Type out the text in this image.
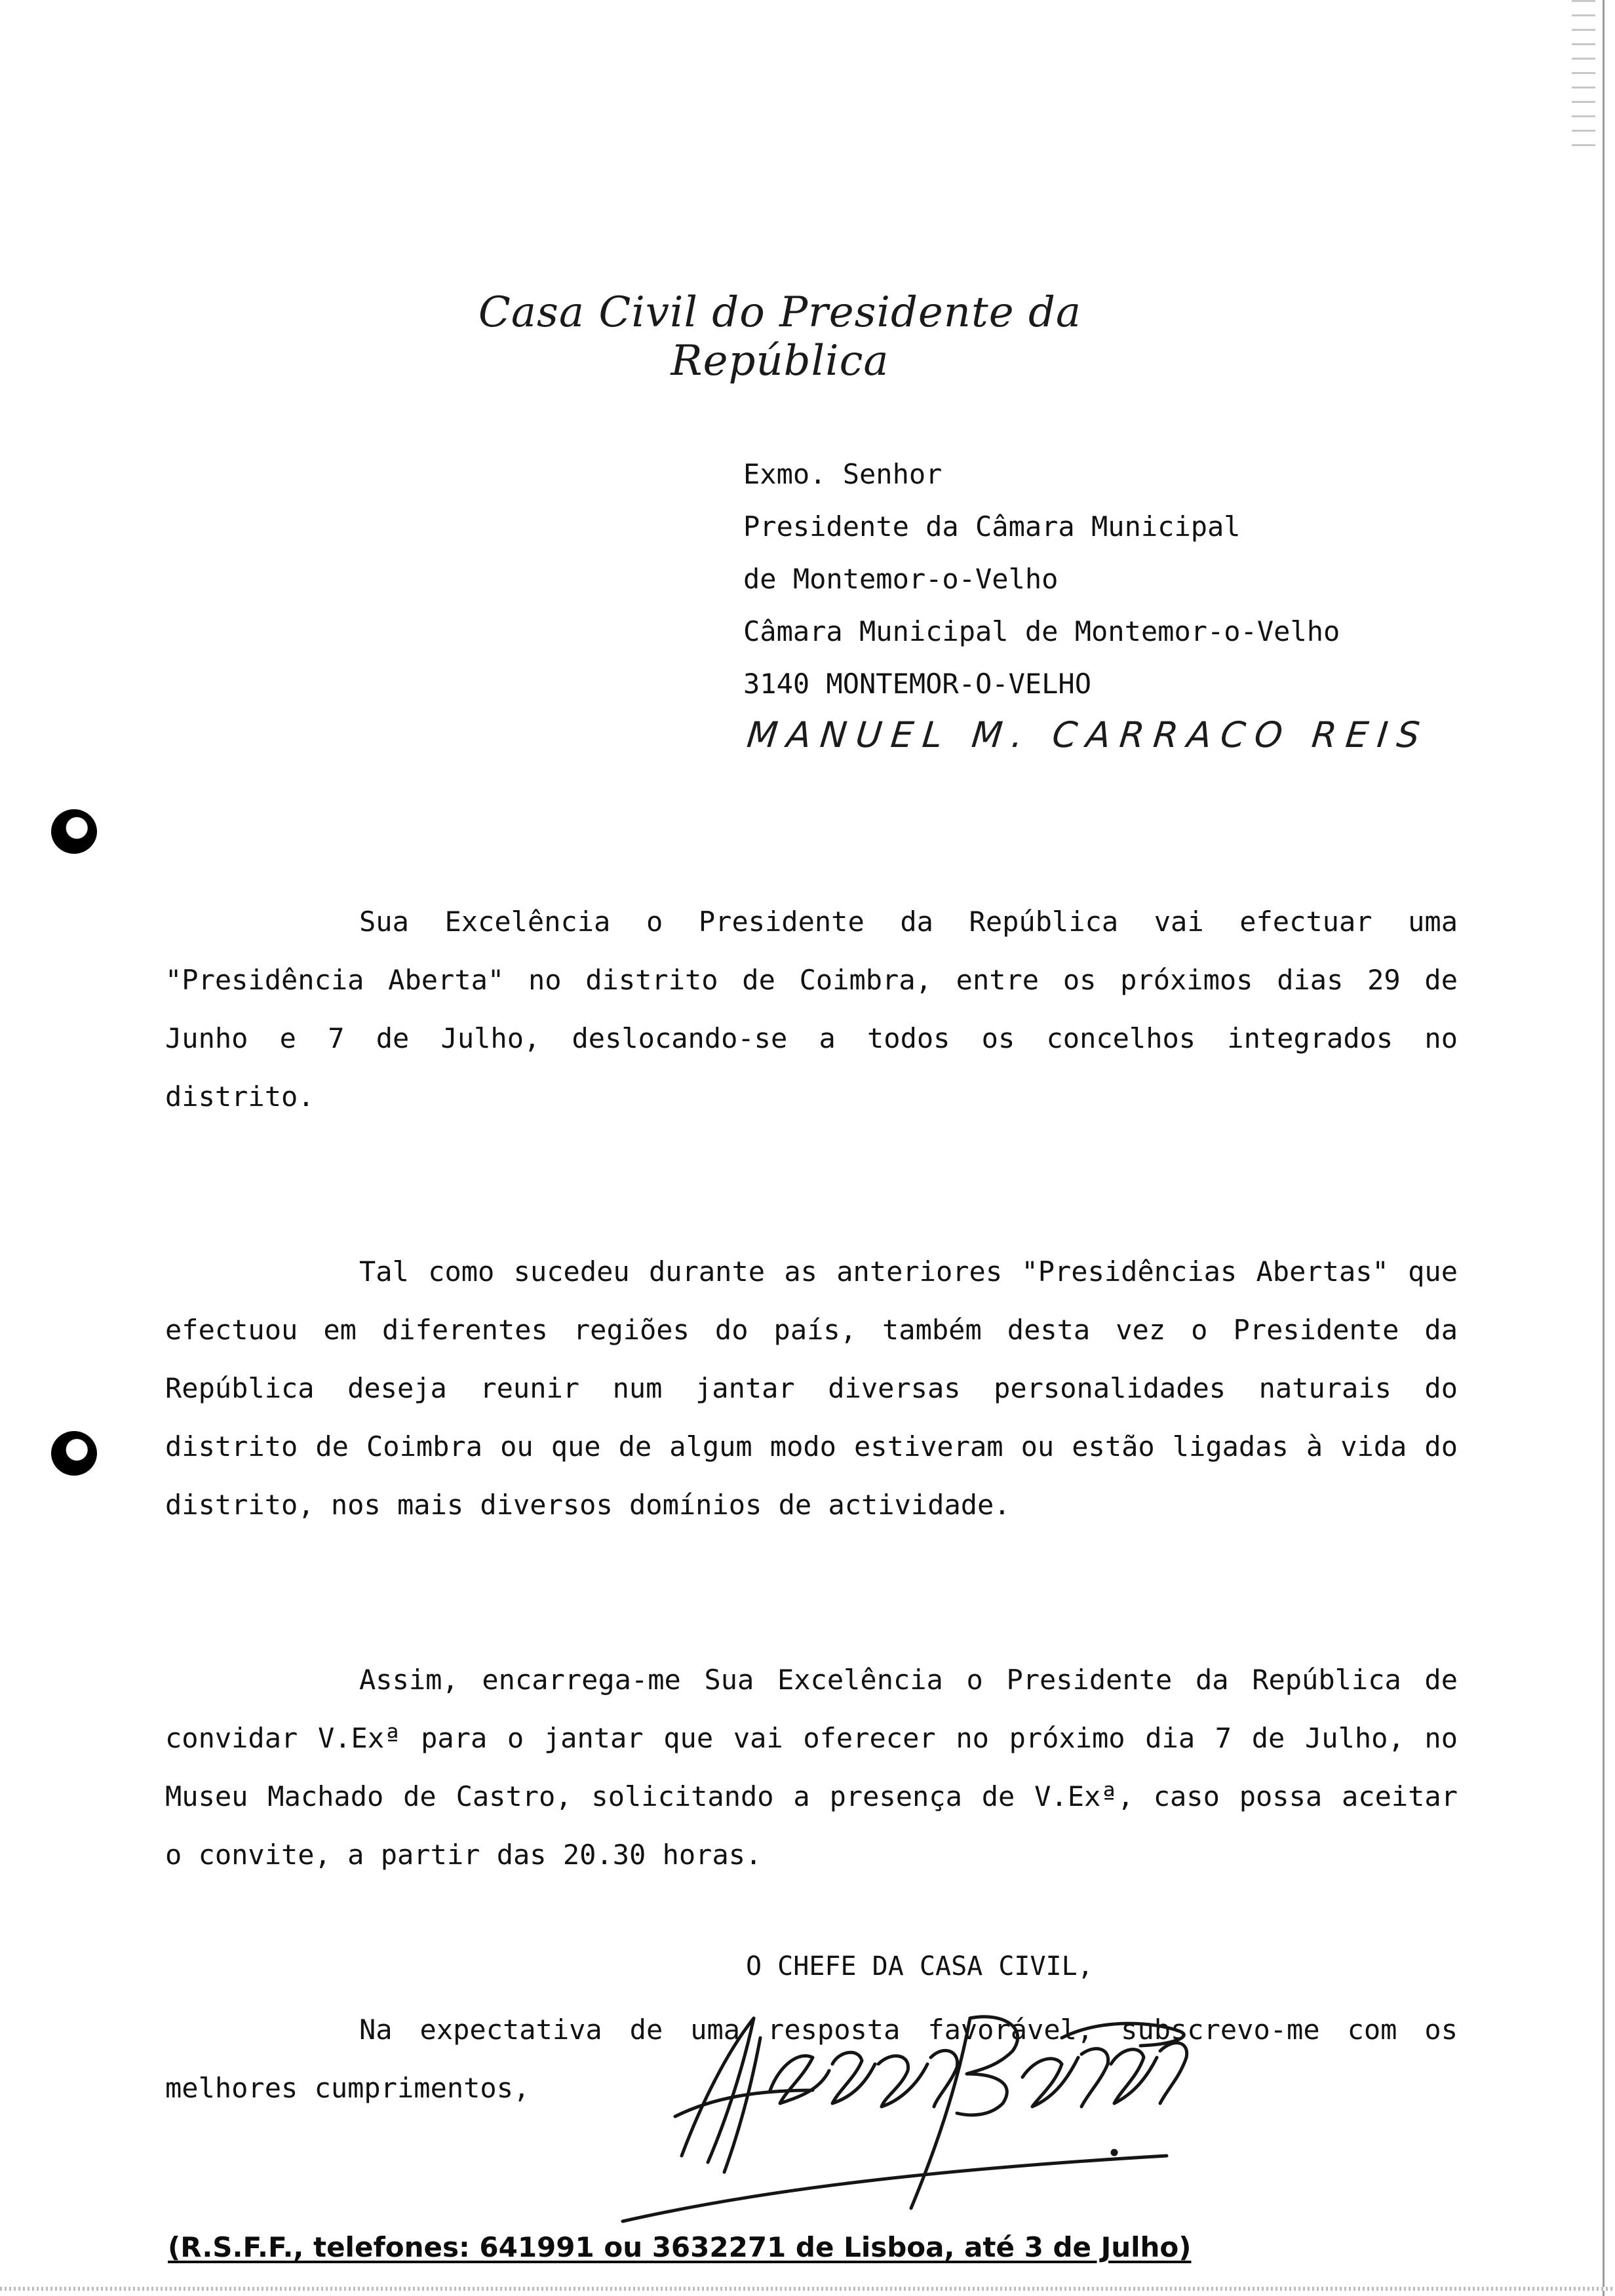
Casa Civil do Presidente da República
Exmo. Senhor
Presidente da Câmara Municipal
de Montemor-o-Velho
Câmara Municipal de Montemor-o-Velho
3140 MONTEMOR-O-VELHO
MANUEL M. CARRACO REIS

Sua Excelência o Presidente da República vai efectuar uma "Presidência Aberta" no distrito de Coimbra, entre os próximos dias 29 de Junho e 7 de Julho, deslocando-se a todos os concelhos integrados no distrito.

Tal como sucedeu durante as anteriores "Presidências Abertas" que efectuou em diferentes regiões do país, também desta vez o Presidente da República deseja reunir num jantar diversas personalidades naturais do distrito de Coimbra ou que de algum modo estiveram ou estão ligadas à vida do distrito, nos mais diversos domínios de actividade.

Assim, encarrega-me Sua Excelência o Presidente da República de convidar V.Exª para o jantar que vai oferecer no próximo dia 7 de Julho, no Museu Machado de Castro, solicitando a presença de V.Exª, caso possa aceitar o convite, a partir das 20.30 horas.

Na expectativa de uma resposta favorável, subscrevo-me com os melhores cumprimentos,

O CHEFE DA CASA CIVIL,
(R.S.F.F., telefones: 641991 ou 3632271 de Lisboa, até 3 de Julho)
